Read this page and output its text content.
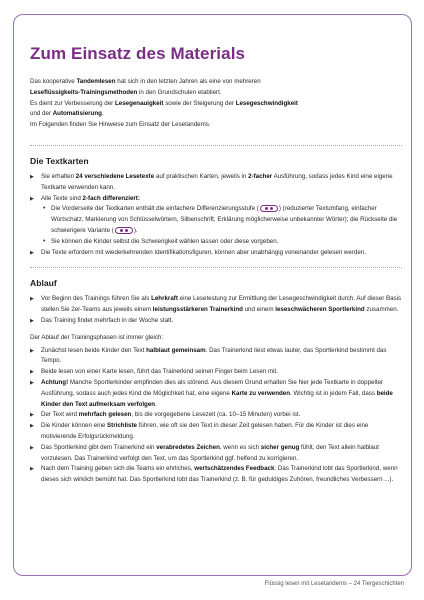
Zum Einsatz des Materials

Das kooperative Tandemlesen hat sich in den letzten Jahren als eine von mehreren

Leseflüssigkeits-Trainingsmethoden in den Grundschulen etabliert.

Es dient zur Verbesserung der Lesegenauigkeit sowie der Steigerung der Lesegeschwindigkeit

und der Automatisierung.

Im Folgenden finden Sie Hinweise zum Einsatz der Lesetandems.

Die Textkarten
▶ Sie erhalten 24 verschiedene Lesetexte auf praktischen Karten, jeweils in 2-facher Ausführung, sodass jedes Kind eine eigene Textkarte verwenden kann.
▶ Alle Texte sind 2-fach differenziert:
• Die Vorderseite der Textkarten enthält die einfachere Differenzierungsstufe (	) (reduzierter Textumfang, einfacher Wortschatz, Markierung von Schlüsselwörtern, Silbenschrift, Erklärung möglicherweise unbekannter Wörter); die Rückseite die schwierigere Variante (	).
• Sie können die Kinder selbst die Schwierigkeit wählen lassen oder diese vorgeben.
▶ Die Texte erfordern mit wiederkehrenden Identifikationsfiguren, können aber unabhängig voneinander gelesen werden.
Ablauf
▶ Vor Beginn des Trainings führen Sie als Lehrkraft eine Lesetestung zur Ermittlung der Lesegeschwindigkeit durch. Auf dieser Basis stellen Sie 2er-Teams aus jeweils einem leistungsstärkeren Trainerkind und einem leseschwächeren Sportlerkind zusammen.
▶ Das Training findet mehrfach in der Woche statt.
Der Ablauf der Trainingsphasen ist immer gleich:
▶ Zunächst lesen beide Kinder den Text halblaut gemeinsam. Das Trainerkind liest etwas lauter, das Sportlerkind bestimmt das Tempo.
▶ Beide lesen von einer Karte lesen, führt das Trainerkind seinen Finger beim Lesen mit.
▶ Achtung! Manche Sportlerkinder empfinden dies als störend. Aus diesem Grund erhalten Sie hier jede Textkarte in doppelter Ausführung, sodass auch jedes Kind die Möglichkeit hat, eine eigene Karte zu verwenden. Wichtig ist in jedem Fall, dass beide Kinder den Text aufmerksam verfolgen.
▶ Der Text wird mehrfach gelesen, bis die vorgegebene Lesezeit (ca. 10–15 Minuten) vorbei ist.
▶ Die Kinder können eine Strichliste führen, wie oft sie den Text in dieser Zeit gelesen haben. Für die Kinder ist dies eine motivierende Erfolgsrückmeldung.
▶ Das Sportlerkind gibt dem Trainerkind ein verabredetes Zeichen, wenn es sich sicher genug fühlt, den Text allein halblaut vorzulesen. Das Trainerkind verfolgt den Text, um das Sportlerkind ggf. helfend zu korrigieren.
▶ Nach dem Training geben sich die Teams ein ehrliches, wertschätzendes Feedback: Das Trainerkind lobt das Sportlerkind, wenn dieses sich wirklich bemüht hat. Das Sportlerkind lobt das Trainerkind (z. B. für geduldiges Zuhören, freundliches Verbessern ...).
Flüssig lesen mit Lesetandems – 24 Tiergeschichten
